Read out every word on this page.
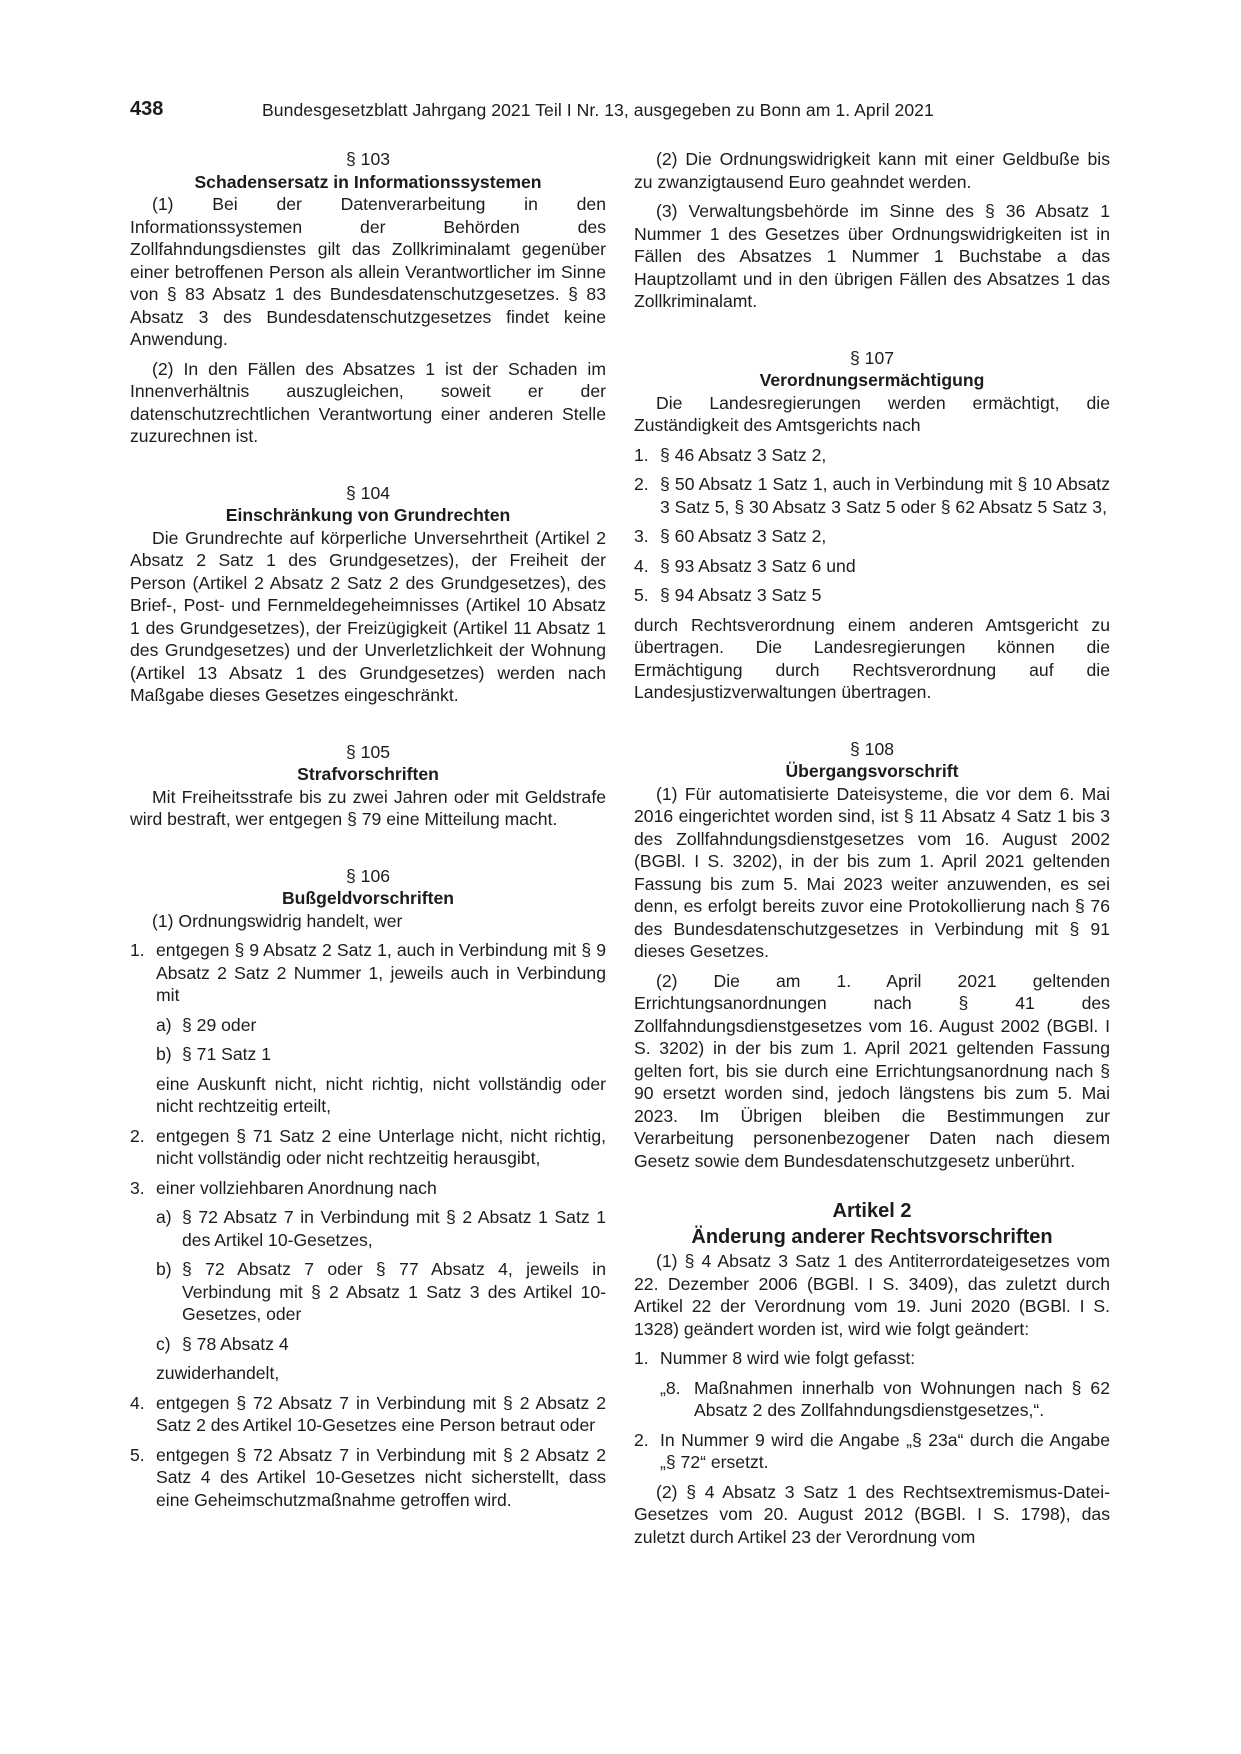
438	Bundesgesetzblatt Jahrgang 2021 Teil I Nr. 13, ausgegeben zu Bonn am 1. April 2021

§ 103

Schadensersatz in Informationssystemen

(1) Bei der Datenverarbeitung in den Informationssystemen der Behörden des Zollfahndungsdienstes gilt das Zollkriminalamt gegenüber einer betroffenen Person als allein Verantwortlicher im Sinne von § 83 Absatz 1 des Bundesdatenschutzgesetzes. § 83 Absatz 3 des Bundesdatenschutzgesetzes findet keine Anwendung.

(2) In den Fällen des Absatzes 1 ist der Schaden im Innenverhältnis auszugleichen, soweit er der datenschutzrechtlichen Verantwortung einer anderen Stelle zuzurechnen ist.

§ 104

Einschränkung von Grundrechten

Die Grundrechte auf körperliche Unversehrtheit (Artikel 2 Absatz 2 Satz 1 des Grundgesetzes), der Freiheit der Person (Artikel 2 Absatz 2 Satz 2 des Grundgesetzes), des Brief-, Post- und Fernmeldegeheimnisses (Artikel 10 Absatz 1 des Grundgesetzes), der Freizügigkeit (Artikel 11 Absatz 1 des Grundgesetzes) und der Unverletzlichkeit der Wohnung (Artikel 13 Absatz 1 des Grundgesetzes) werden nach Maßgabe dieses Gesetzes eingeschränkt.

§ 105

Strafvorschriften

Mit Freiheitsstrafe bis zu zwei Jahren oder mit Geldstrafe wird bestraft, wer entgegen § 79 eine Mitteilung macht.

§ 106

Bußgeldvorschriften

(1) Ordnungswidrig handelt, wer

1. entgegen § 9 Absatz 2 Satz 1, auch in Verbindung mit § 9 Absatz 2 Satz 2 Nummer 1, jeweils auch in Verbindung mit
a) § 29 oder
b) § 71 Satz 1

eine Auskunft nicht, nicht richtig, nicht vollständig oder nicht rechtzeitig erteilt,

2. entgegen § 71 Satz 2 eine Unterlage nicht, nicht richtig, nicht vollständig oder nicht rechtzeitig herausgibt,
3. einer vollziehbaren Anordnung nach
a) § 72 Absatz 7 in Verbindung mit § 2 Absatz 1 Satz 1 des Artikel 10-Gesetzes,
b) § 72 Absatz 7 oder § 77 Absatz 4, jeweils in Verbindung mit § 2 Absatz 1 Satz 3 des Artikel 10-Gesetzes, oder
c) § 78 Absatz 4

zuwiderhandelt,

4. entgegen § 72 Absatz 7 in Verbindung mit § 2 Absatz 2 Satz 2 des Artikel 10-Gesetzes eine Person betraut oder
5. entgegen § 72 Absatz 7 in Verbindung mit § 2 Absatz 2 Satz 4 des Artikel 10-Gesetzes nicht sicherstellt, dass eine Geheimschutzmaßnahme getroffen wird.

(2) Die Ordnungswidrigkeit kann mit einer Geldbuße bis zu zwanzigtausend Euro geahndet werden.

(3) Verwaltungsbehörde im Sinne des § 36 Absatz 1 Nummer 1 des Gesetzes über Ordnungswidrigkeiten ist in Fällen des Absatzes 1 Nummer 1 Buchstabe a das Hauptzollamt und in den übrigen Fällen des Absatzes 1 das Zollkriminalamt.

§ 107

Verordnungsermächtigung

Die Landesregierungen werden ermächtigt, die Zuständigkeit des Amtsgerichts nach

1. § 46 Absatz 3 Satz 2,
2. § 50 Absatz 1 Satz 1, auch in Verbindung mit § 10 Absatz 3 Satz 5, § 30 Absatz 3 Satz 5 oder § 62 Absatz 5 Satz 3,
3. § 60 Absatz 3 Satz 2,
4. § 93 Absatz 3 Satz 6 und
5. § 94 Absatz 3 Satz 5

durch Rechtsverordnung einem anderen Amtsgericht zu übertragen. Die Landesregierungen können die Ermächtigung durch Rechtsverordnung auf die Landesjustizverwaltungen übertragen.

§ 108

Übergangsvorschrift

(1) Für automatisierte Dateisysteme, die vor dem 6. Mai 2016 eingerichtet worden sind, ist § 11 Absatz 4 Satz 1 bis 3 des Zollfahndungsdienstgesetzes vom 16. August 2002 (BGBl. I S. 3202), in der bis zum 1. April 2021 geltenden Fassung bis zum 5. Mai 2023 weiter anzuwenden, es sei denn, es erfolgt bereits zuvor eine Protokollierung nach § 76 des Bundesdatenschutzgesetzes in Verbindung mit § 91 dieses Gesetzes.

(2) Die am 1. April 2021 geltenden Errichtungsanordnungen nach § 41 des Zollfahndungsdienstgesetzes vom 16. August 2002 (BGBl. I S. 3202) in der bis zum 1. April 2021 geltenden Fassung gelten fort, bis sie durch eine Errichtungsanordnung nach § 90 ersetzt worden sind, jedoch längstens bis zum 5. Mai 2023. Im Übrigen bleiben die Bestimmungen zur Verarbeitung personenbezogener Daten nach diesem Gesetz sowie dem Bundesdatenschutzgesetz unberührt.

Artikel 2

Änderung anderer Rechtsvorschriften

(1) § 4 Absatz 3 Satz 1 des Antiterrordateigesetzes vom 22. Dezember 2006 (BGBl. I S. 3409), das zuletzt durch Artikel 22 der Verordnung vom 19. Juni 2020 (BGBl. I S. 1328) geändert worden ist, wird wie folgt geändert:

1. Nummer 8 wird wie folgt gefasst:
„8. Maßnahmen innerhalb von Wohnungen nach § 62 Absatz 2 des Zollfahndungsdienstgesetzes,“.
2. In Nummer 9 wird die Angabe „§ 23a“ durch die Angabe „§ 72“ ersetzt.

(2) § 4 Absatz 3 Satz 1 des Rechtsextremismus-Datei-Gesetzes vom 20. August 2012 (BGBl. I S. 1798), das zuletzt durch Artikel 23 der Verordnung vom
